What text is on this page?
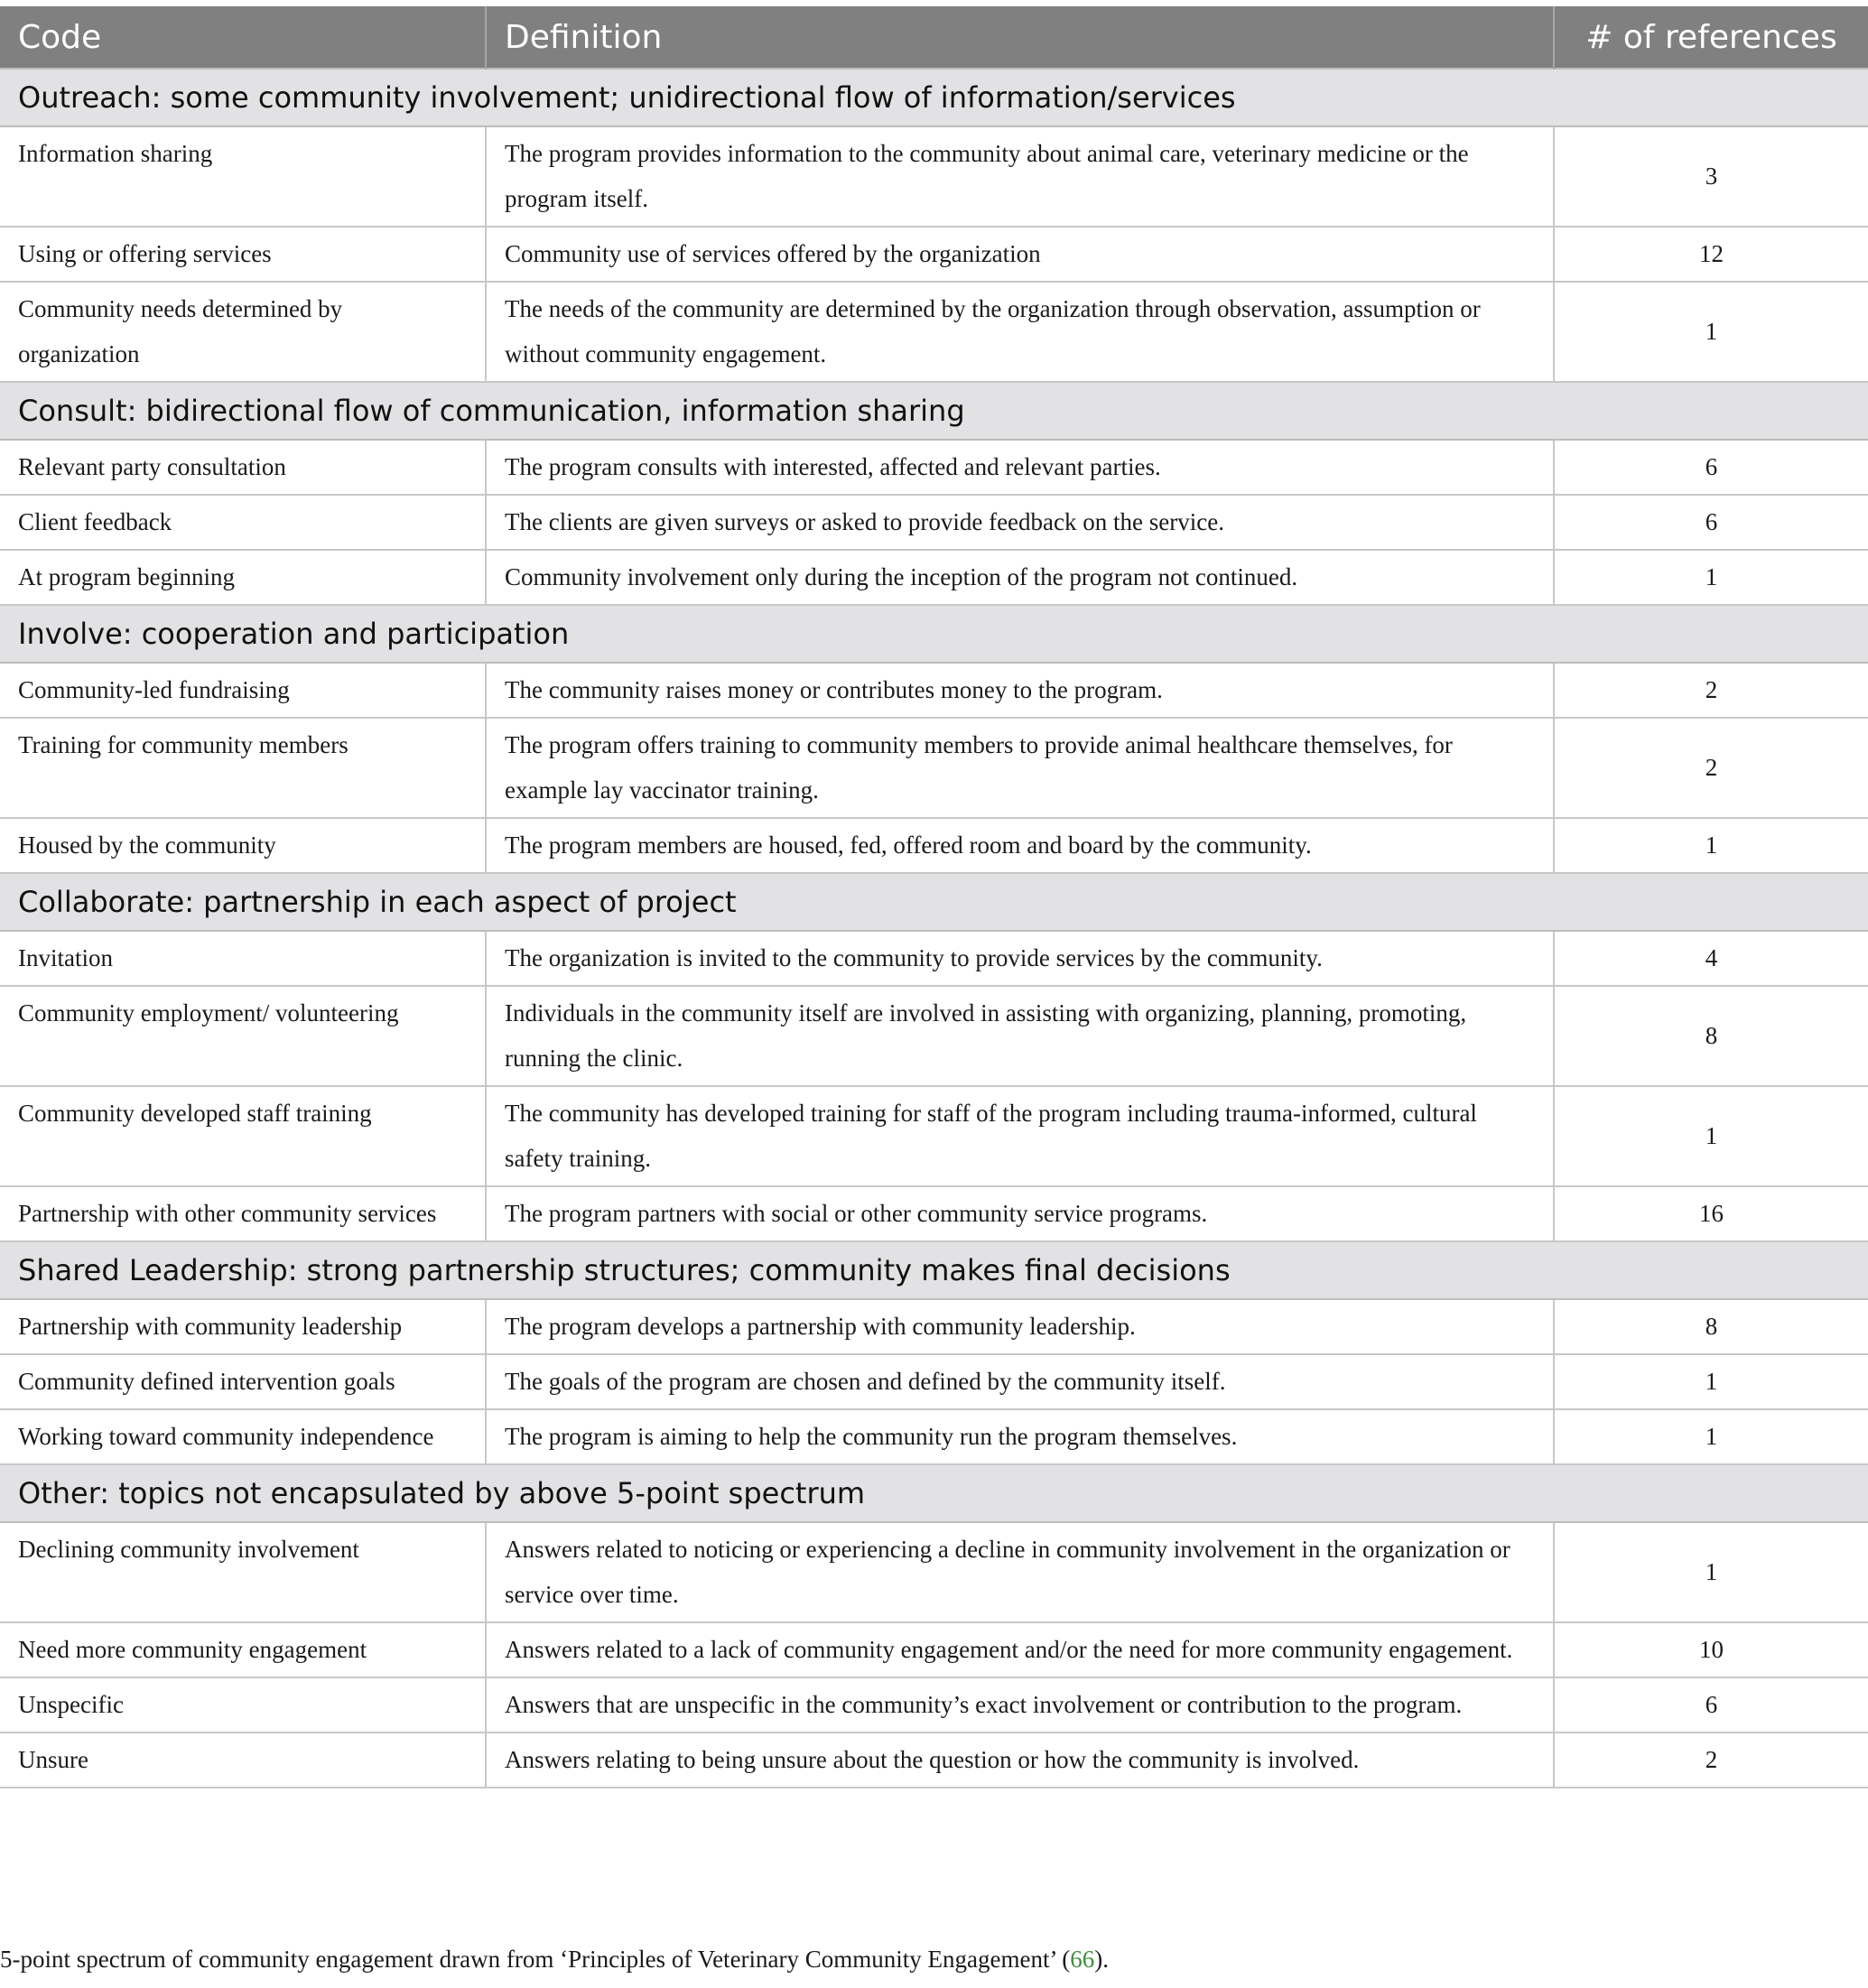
Code	Definition	# of references
Outreach: some community involvement; unidirectional flow of information/services		
Information sharing	The program provides information to the community about animal care, veterinary medicine or the program itself.	3
Using or offering services	Community use of services offered by the organization	12
Community needs determined by organization	The needs of the community are determined by the organization through observation, assumption or without community engagement.	1
Consult: bidirectional flow of communication, information sharing		
Relevant party consultation	The program consults with interested, affected and relevant parties.	6
Client feedback	The clients are given surveys or asked to provide feedback on the service.	6
At program beginning	Community involvement only during the inception of the program not continued.	1
Involve: cooperation and participation		
Community-led fundraising	The community raises money or contributes money to the program.	2
Training for community members	The program offers training to community members to provide animal healthcare themselves, for example lay vaccinator training.	2
Housed by the community	The program members are housed, fed, offered room and board by the community.	1
Collaborate: partnership in each aspect of project		
Invitation	The organization is invited to the community to provide services by the community.	4
Community employment/ volunteering	Individuals in the community itself are involved in assisting with organizing, planning, promoting, running the clinic.	8
Community developed staff training	The community has developed training for staff of the program including trauma-informed, cultural safety training.	1
Partnership with other community services	The program partners with social or other community service programs.	16
Shared Leadership: strong partnership structures; community makes final decisions		
Partnership with community leadership	The program develops a partnership with community leadership.	8
Community defined intervention goals	The goals of the program are chosen and defined by the community itself.	1
Working toward community independence	The program is aiming to help the community run the program themselves.	1
Other: topics not encapsulated by above 5-point spectrum		
Declining community involvement	Answers related to noticing or experiencing a decline in community involvement in the organization or service over time.	1
Need more community engagement	Answers related to a lack of community engagement and/or the need for more community engagement.	10
Unspecific	Answers that are unspecific in the community’s exact involvement or contribution to the program.	6
Unsure	Answers relating to being unsure about the question or how the community is involved.	2
5-point spectrum of community engagement drawn from ‘Principles of Veterinary Community Engagement’ (66).
